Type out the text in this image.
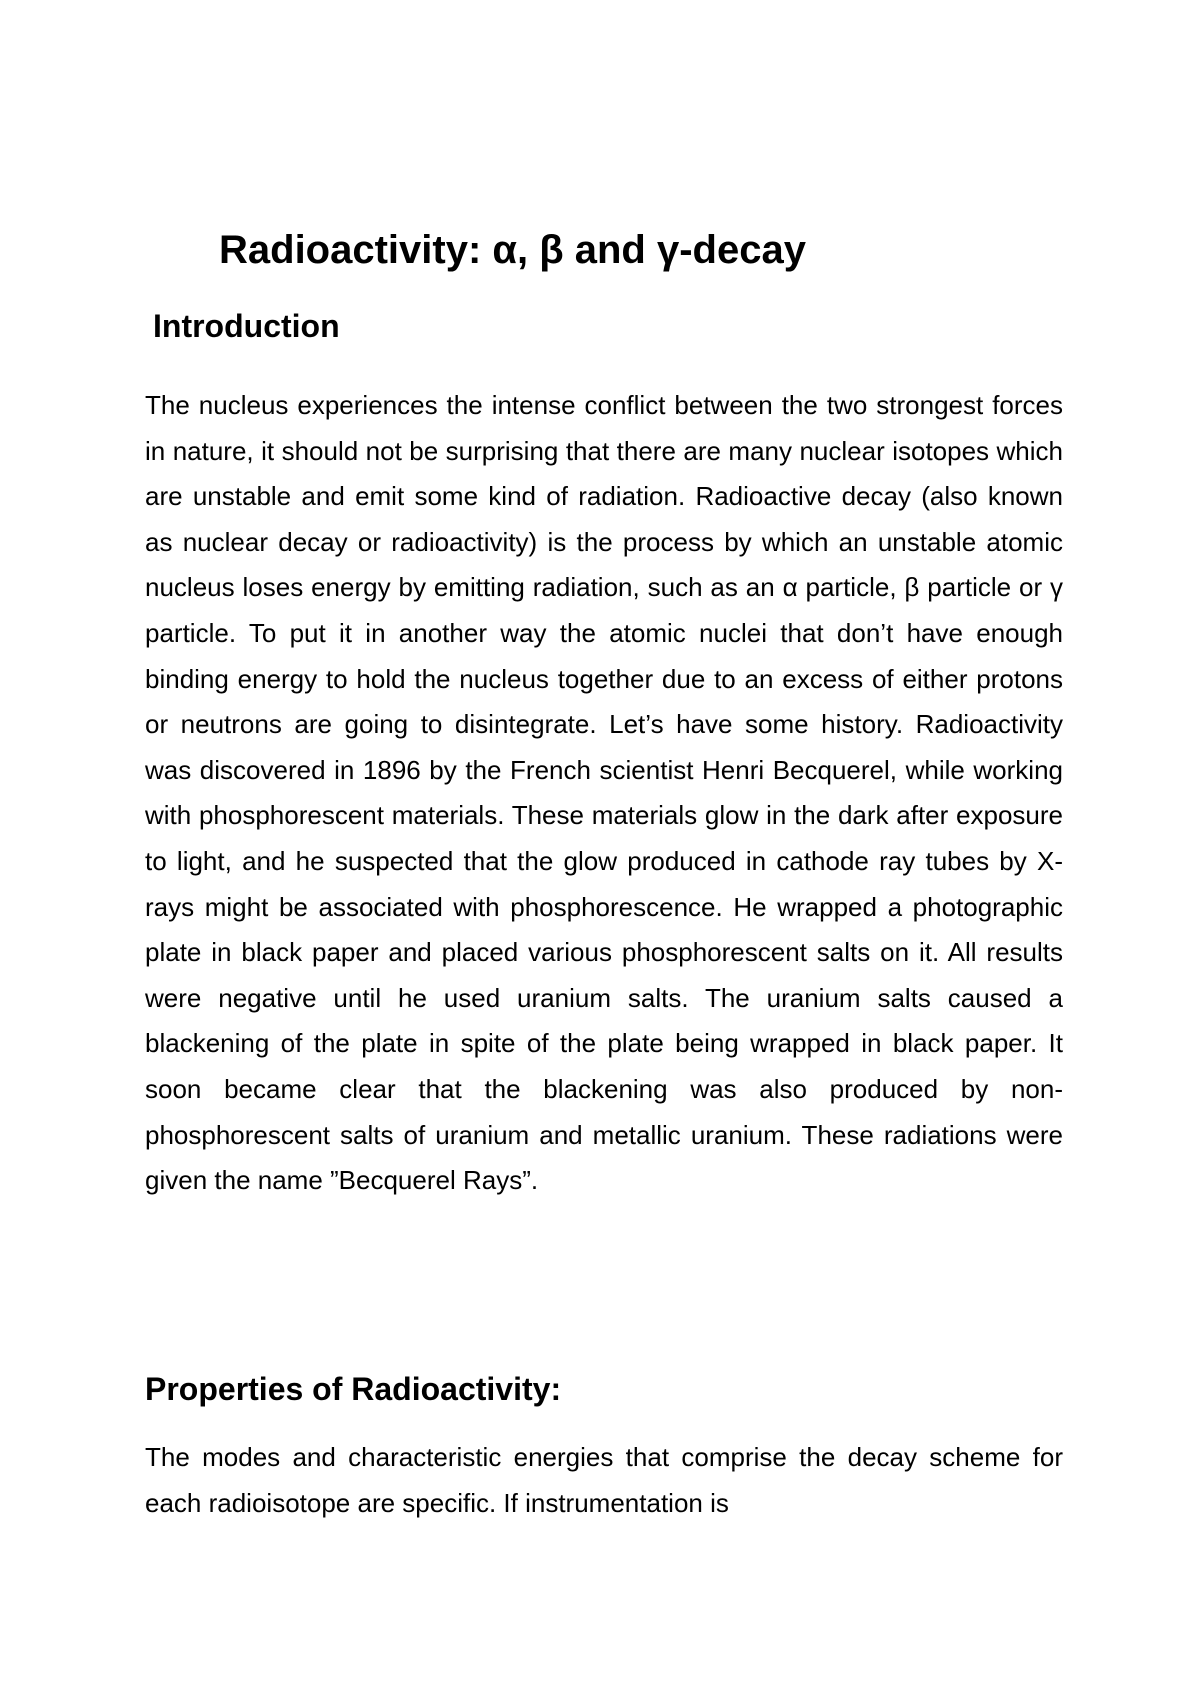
Radioactivity: α, β and γ-decay
Introduction

The nucleus experiences the intense conflict between the two strongest forces in nature, it should not be surprising that there are many nuclear isotopes which are unstable and emit some kind of radiation. Radioactive decay (also known as nuclear decay or radioactivity) is the process by which an unstable atomic nucleus loses energy by emitting radiation, such as an α particle, β particle or γ particle. To put it in another way the atomic nuclei that don’t have enough binding energy to hold the nucleus together due to an excess of either protons or neutrons are going to disintegrate. Let’s have some history. Radioactivity was discovered in 1896 by the French scientist Henri Becquerel, while working with phosphorescent materials. These materials glow in the dark after exposure to light, and he suspected that the glow produced in cathode ray tubes by X-rays might be associated with phosphorescence. He wrapped a photographic plate in black paper and placed various phosphorescent salts on it. All results were negative until he used uranium salts. The uranium salts caused a blackening of the plate in spite of the plate being wrapped in black paper. It soon became clear that the blackening was also produced by non-phosphorescent salts of uranium and metallic uranium. These radiations were given the name ”Becquerel Rays”.

Properties of Radioactivity:

The modes and characteristic energies that comprise the decay scheme for each radioisotope are specific. If instrumentation is
